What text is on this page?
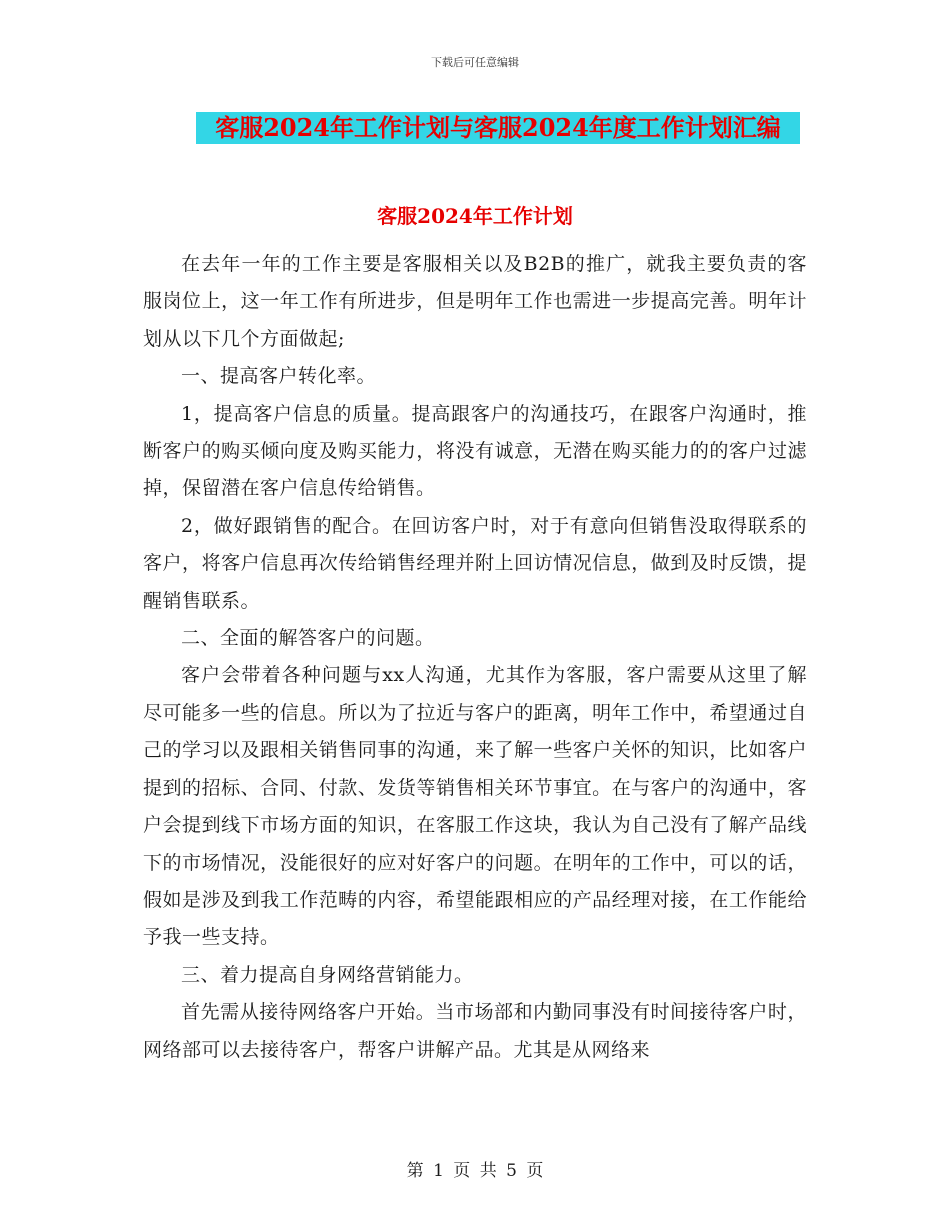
下载后可任意编辑
客服2024年工作计划与客服2024年度工作计划汇编
客服2024年工作计划

在去年一年的工作主要是客服相关以及B2B的推广，就我主要负责的客服岗位上，这一年工作有所进步，但是明年工作也需进一步提高完善。明年计划从以下几个方面做起;

一、提高客户转化率。

1，提高客户信息的质量。提高跟客户的沟通技巧，在跟客户沟通时，推断客户的购买倾向度及购买能力，将没有诚意，无潜在购买能力的的客户过滤掉，保留潜在客户信息传给销售。

2，做好跟销售的配合。在回访客户时，对于有意向但销售没取得联系的客户，将客户信息再次传给销售经理并附上回访情况信息，做到及时反馈，提醒销售联系。

二、全面的解答客户的问题。

客户会带着各种问题与xx人沟通，尤其作为客服，客户需要从这里了解尽可能多一些的信息。所以为了拉近与客户的距离，明年工作中，希望通过自己的学习以及跟相关销售同事的沟通，来了解一些客户关怀的知识，比如客户提到的招标、合同、付款、发货等销售相关环节事宜。在与客户的沟通中，客户会提到线下市场方面的知识，在客服工作这块，我认为自己没有了解产品线下的市场情况，没能很好的应对好客户的问题。在明年的工作中，可以的话，假如是涉及到我工作范畴的内容，希望能跟相应的产品经理对接，在工作能给予我一些支持。

三、着力提高自身网络营销能力。

首先需从接待网络客户开始。当市场部和内勤同事没有时间接待客户时，网络部可以去接待客户，帮客户讲解产品。尤其是从网络来

第 1 页 共 5 页
